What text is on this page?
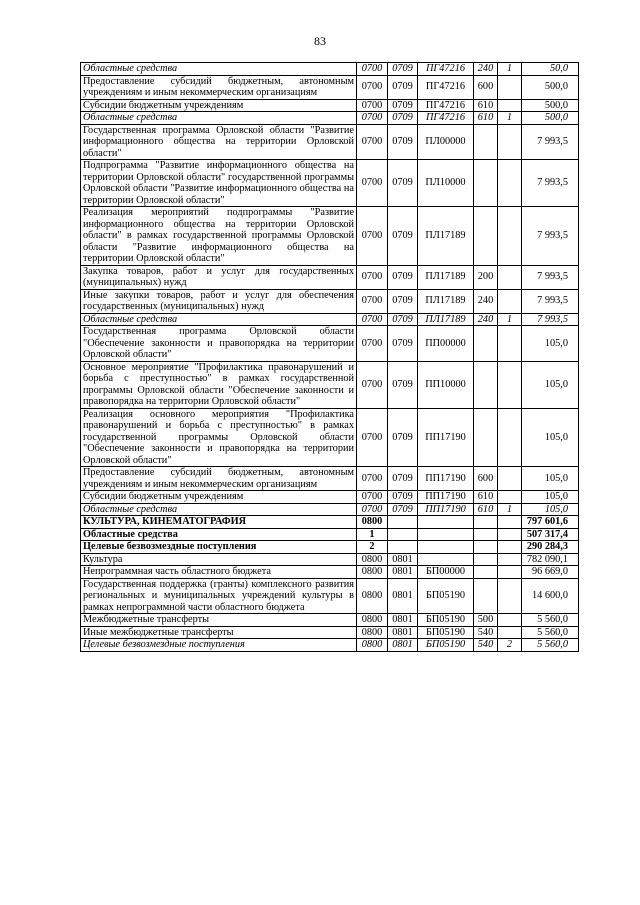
83
Областные средства	0700	0709	ПГ47216	240	1	50,0
Предоставление субсидий бюджетным, автономным учреждениям и иным некоммерческим организациям	0700	0709	ПГ47216	600		500,0
Субсидии бюджетным учреждениям	0700	0709	ПГ47216	610		500,0
Областные средства	0700	0709	ПГ47216	610	1	500,0
Государственная программа Орловской области "Развитие информационного общества на территории Орловской области"	0700	0709	ПЛ00000			7 993,5
Подпрограмма "Развитие информационного общества на территории Орловской области" государственной программы Орловской области "Развитие информационного общества на территории Орловской области"	0700	0709	ПЛ10000			7 993,5
Реализация мероприятий подпрограммы "Развитие информационного общества на территории Орловской области" в рамках государственной программы Орловской области "Развитие информационного общества на территории Орловской области"	0700	0709	ПЛ17189			7 993,5
Закупка товаров, работ и услуг для государственных (муниципальных) нужд	0700	0709	ПЛ17189	200		7 993,5
Иные закупки товаров, работ и услуг для обеспечения государственных (муниципальных) нужд	0700	0709	ПЛ17189	240		7 993,5
Областные средства	0700	0709	ПЛ17189	240	1	7 993,5
Государственная программа Орловской области "Обеспечение законности и правопорядка на территории Орловской области"	0700	0709	ПП00000			105,0
Основное мероприятие "Профилактика правонарушений и борьба с преступностью" в рамках государственной программы Орловской области "Обеспечение законности и правопорядка на территории Орловской области"	0700	0709	ПП10000			105,0
Реализация основного мероприятия "Профилактика правонарушений и борьба с преступностью" в рамках государственной программы Орловской области "Обеспечение законности и правопорядка на территории Орловской области"	0700	0709	ПП17190			105,0
Предоставление субсидий бюджетным, автономным учреждениям и иным некоммерческим организациям	0700	0709	ПП17190	600		105,0
Субсидии бюджетным учреждениям	0700	0709	ПП17190	610		105,0
Областные средства	0700	0709	ПП17190	610	1	105,0
КУЛЬТУРА, КИНЕМАТОГРАФИЯ	0800					797 601,6
Областные средства	1					507 317,4
Целевые безвозмездные поступления	2					290 284,3
Культура	0800	0801				782 090,1
Непрограммная часть областного бюджета	0800	0801	БП00000			96 669,0
Государственная поддержка (гранты) комплексного развития региональных и муниципальных учреждений культуры в рамках непрограммной части областного бюджета	0800	0801	БП05190			14 600,0
Межбюджетные трансферты	0800	0801	БП05190	500		5 560,0
Иные межбюджетные трансферты	0800	0801	БП05190	540		5 560,0
Целевые безвозмездные поступления	0800	0801	БП05190	540	2	5 560,0
